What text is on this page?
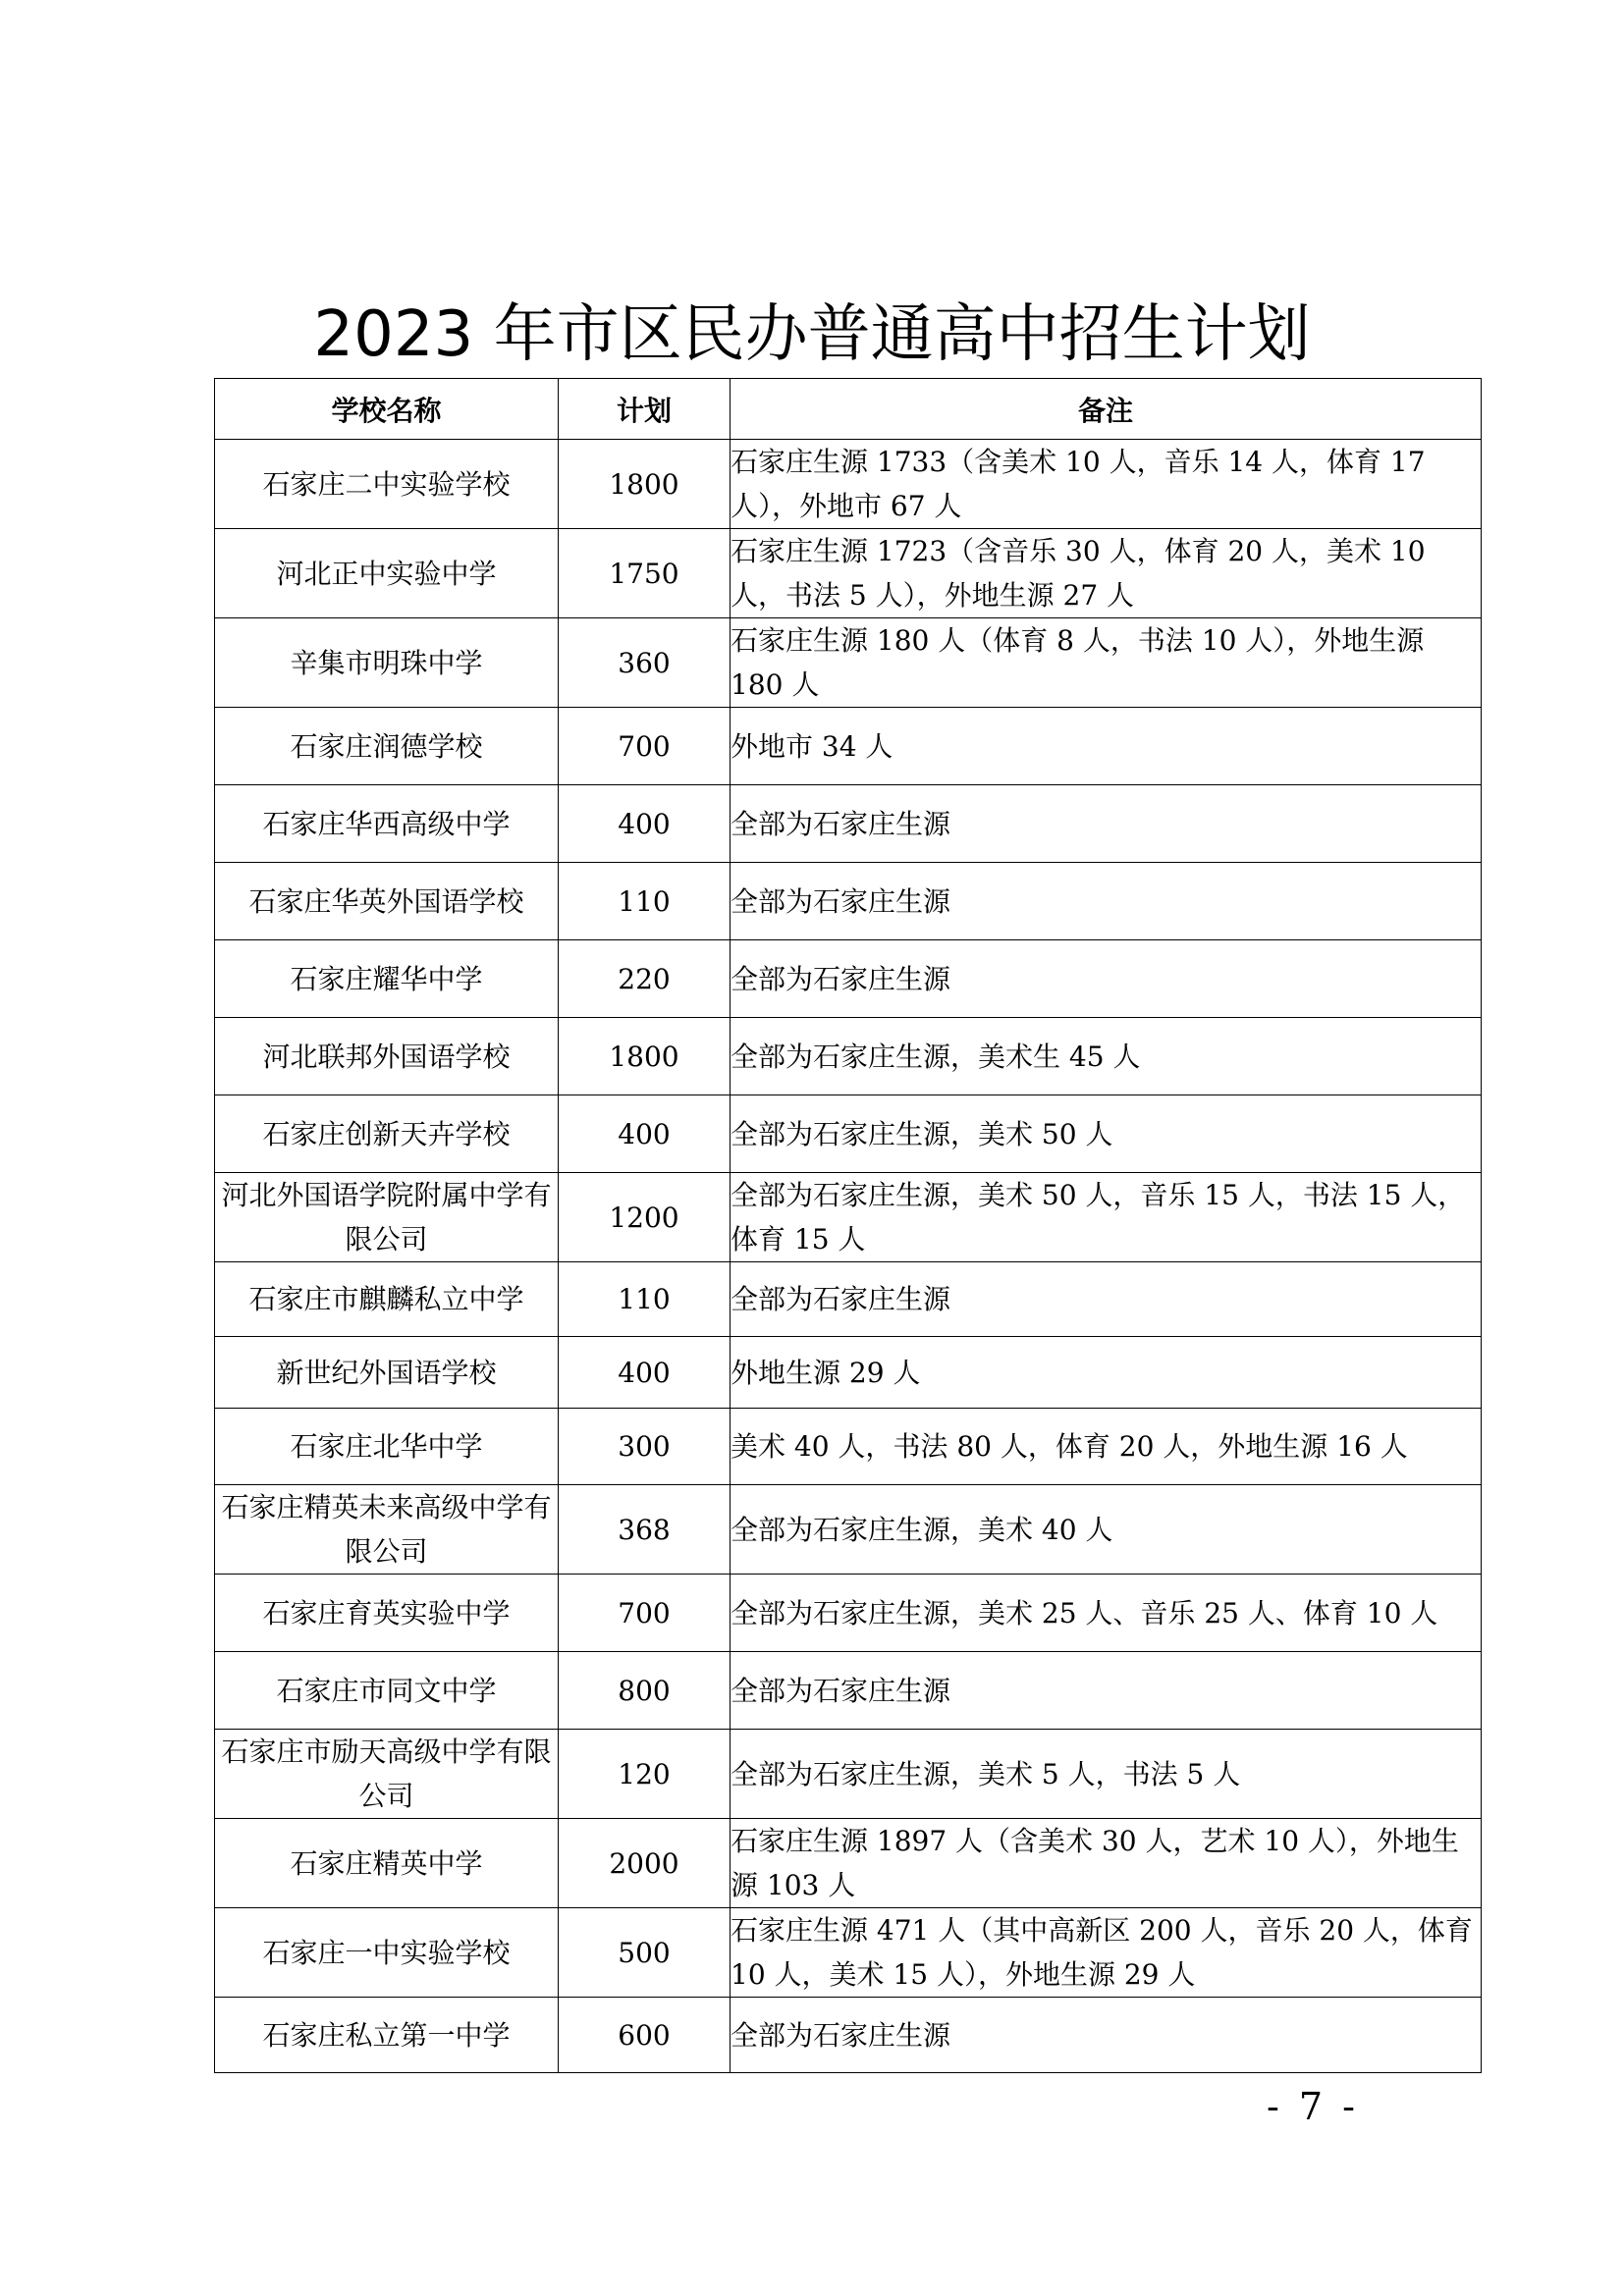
2023 年市区民办普通高中招生计划
学校名称	计划	备注
石家庄二中实验学校	1800	石家庄生源 1733（含美术 10 人，音乐 14 人，体育 17 人），外地市 67 人
河北正中实验中学	1750	石家庄生源 1723（含音乐 30 人，体育 20 人，美术 10 人，书法 5 人），外地生源 27 人
辛集市明珠中学	360	石家庄生源 180 人（体育 8 人，书法 10 人），外地生源 180 人
石家庄润德学校	700	外地市 34 人
石家庄华西高级中学	400	全部为石家庄生源
石家庄华英外国语学校	110	全部为石家庄生源
石家庄耀华中学	220	全部为石家庄生源
河北联邦外国语学校	1800	全部为石家庄生源，美术生 45 人
石家庄创新天卉学校	400	全部为石家庄生源，美术 50 人
河北外国语学院附属中学有限公司	1200	全部为石家庄生源，美术 50 人，音乐 15 人，书法 15 人，体育 15 人
石家庄市麒麟私立中学	110	全部为石家庄生源
新世纪外国语学校	400	外地生源 29 人
石家庄北华中学	300	美术 40 人，书法 80 人，体育 20 人，外地生源 16 人
石家庄精英未来高级中学有限公司	368	全部为石家庄生源，美术 40 人
石家庄育英实验中学	700	全部为石家庄生源，美术 25 人、音乐 25 人、体育 10 人
石家庄市同文中学	800	全部为石家庄生源
石家庄市励天高级中学有限公司	120	全部为石家庄生源，美术 5 人，书法 5 人
石家庄精英中学	2000	石家庄生源 1897 人（含美术 30 人，艺术 10 人），外地生源 103 人
石家庄一中实验学校	500	石家庄生源 471 人（其中高新区 200 人，音乐 20 人，体育 10 人，美术 15 人），外地生源 29 人
石家庄私立第一中学	600	全部为石家庄生源
- 7 -
